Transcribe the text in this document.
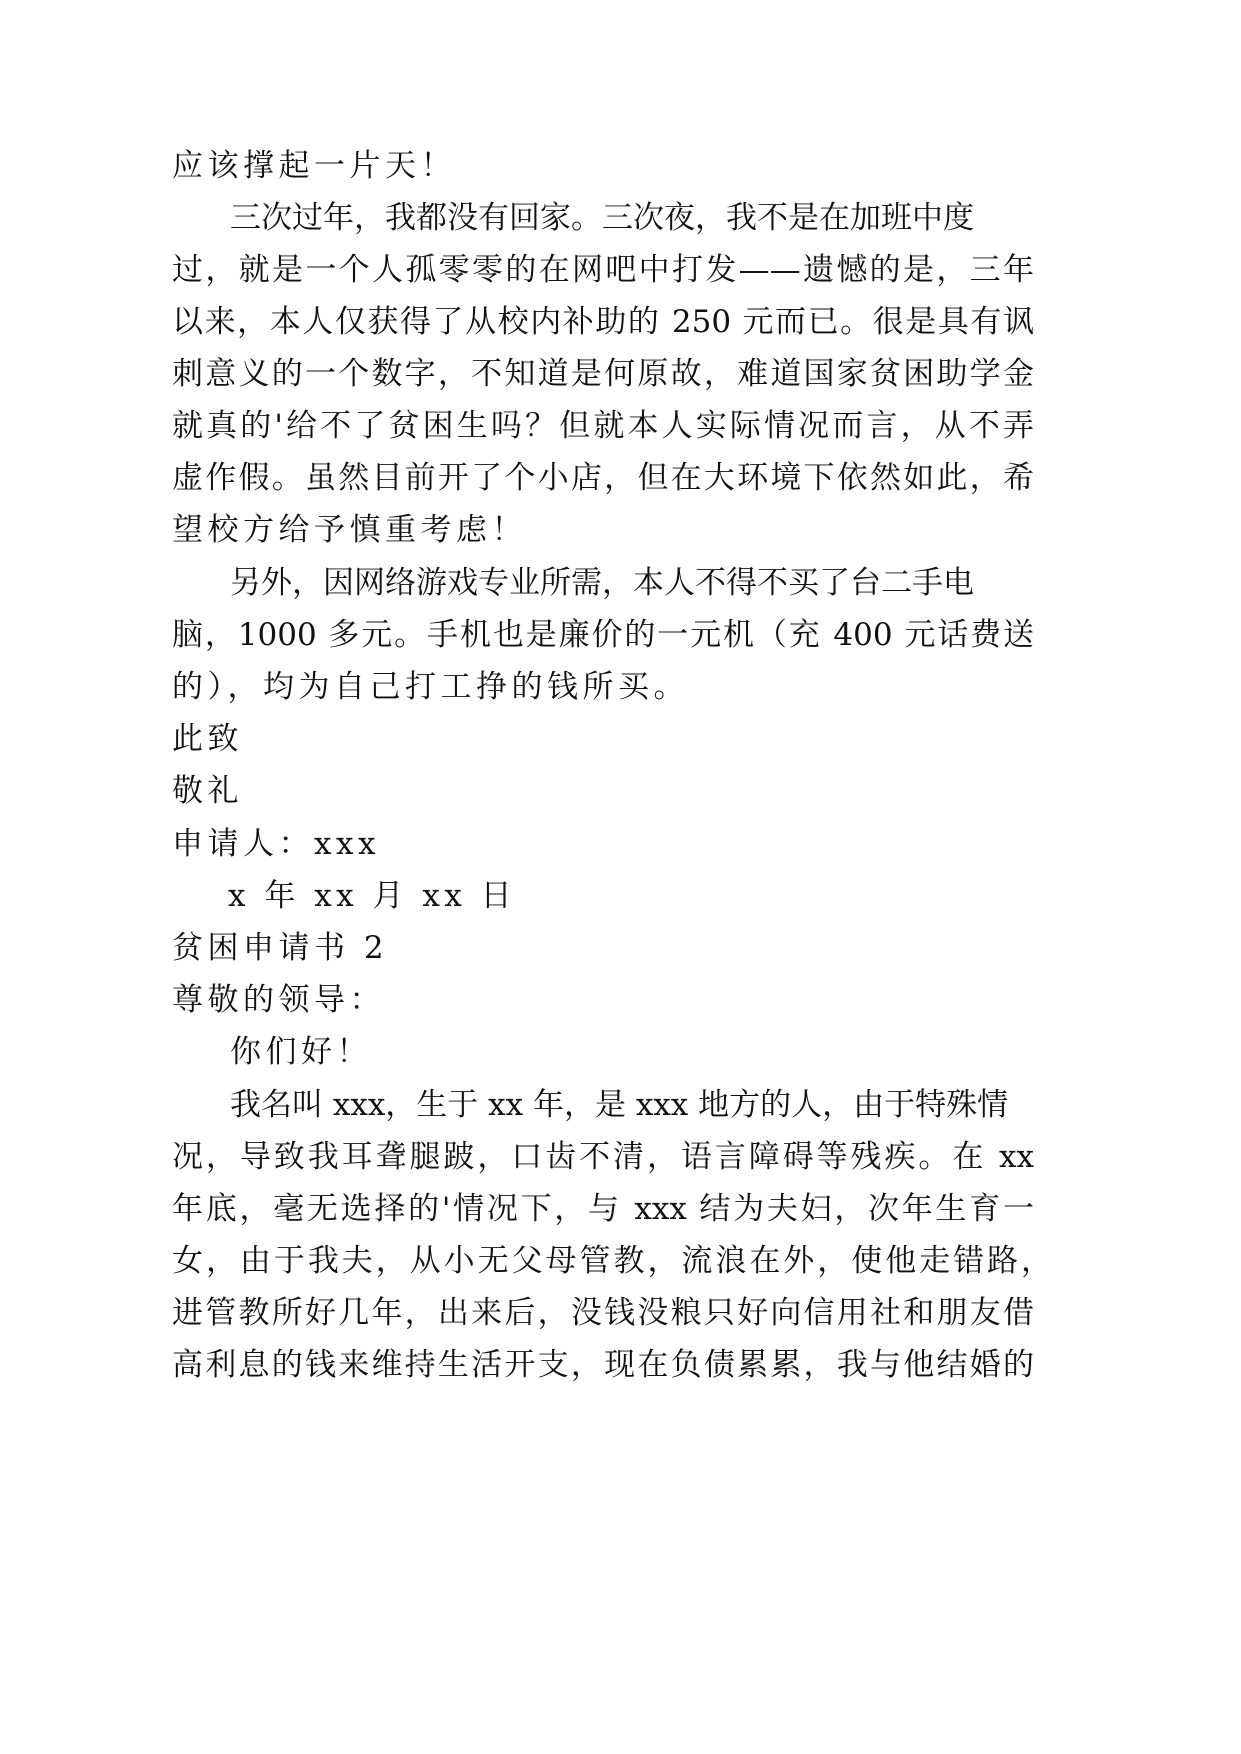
应该撑起一片天！
三次过年，我都没有回家。三次夜，我不是在加班中度
过，就是一个人孤零零的在网吧中打发——遗憾的是，三年
以来，本人仅获得了从校内补助的 250 元而已。很是具有讽
刺意义的一个数字，不知道是何原故，难道国家贫困助学金
就真的'给不了贫困生吗？但就本人实际情况而言，从不弄
虚作假。虽然目前开了个小店，但在大环境下依然如此，希
望校方给予慎重考虑！
另外，因网络游戏专业所需，本人不得不买了台二手电
脑，1000 多元。手机也是廉价的一元机（充 400 元话费送
的），均为自己打工挣的钱所买。
此致
敬礼
申请人：xxx
x 年 xx 月 xx 日
贫困申请书 2
尊敬的领导：
你们好！
我名叫 xxx，生于 xx 年，是 xxx 地方的人，由于特殊情
况，导致我耳聋腿跛，口齿不清，语言障碍等残疾。在 xx
年底，毫无选择的'情况下，与 xxx 结为夫妇，次年生育一
女，由于我夫，从小无父母管教，流浪在外，使他走错路，
进管教所好几年，出来后，没钱没粮只好向信用社和朋友借
高利息的钱来维持生活开支，现在负债累累，我与他结婚的
